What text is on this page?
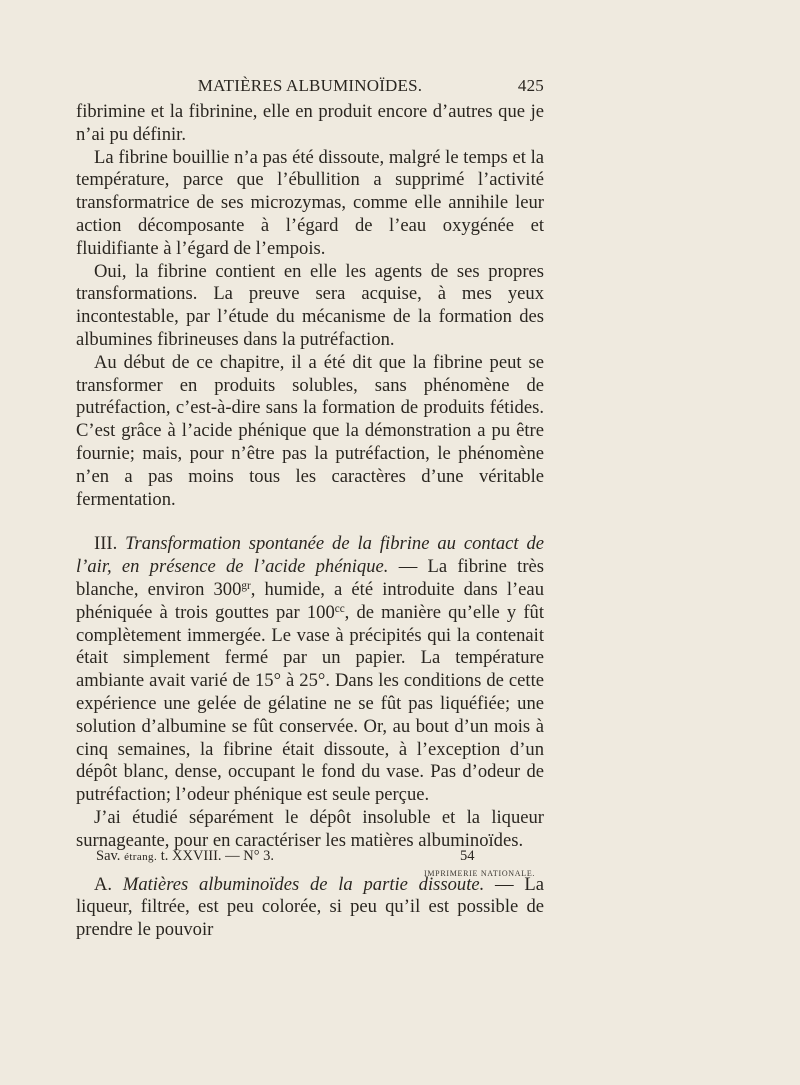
MATIÈRES ALBUMINOÏDES.	425

fibrimine et la fibrinine, elle en produit encore d’autres que je n’ai pu définir.

La fibrine bouillie n’a pas été dissoute, malgré le temps et la température, parce que l’ébullition a supprimé l’activité transformatrice de ses microzymas, comme elle annihile leur action décomposante à l’égard de l’eau oxygénée et fluidifiante à l’égard de l’empois.

Oui, la fibrine contient en elle les agents de ses propres transformations. La preuve sera acquise, à mes yeux incontestable, par l’étude du mécanisme de la formation des albumines fibrineuses dans la putréfaction.

Au début de ce chapitre, il a été dit que la fibrine peut se transformer en produits solubles, sans phénomène de putréfaction, c’est-à-dire sans la formation de produits fétides. C’est grâce à l’acide phénique que la démonstration a pu être fournie; mais, pour n’être pas la putréfaction, le phénomène n’en a pas moins tous les caractères d’une véritable fermentation.

III. Transformation spontanée de la fibrine au contact de l’air, en présence de l’acide phénique. — La fibrine très blanche, environ $300^{gr}$, humide, a été introduite dans l’eau phéniquée à trois gouttes par $100^{cc}$, de manière qu’elle y fût complètement immergée. Le vase à précipités qui la contenait était simplement fermé par un papier. La température ambiante avait varié de 15° à 25°. Dans les conditions de cette expérience une gelée de gélatine ne se fût pas liquéfiée; une solution d’albumine se fût conservée. Or, au bout d’un mois à cinq semaines, la fibrine était dissoute, à l’exception d’un dépôt blanc, dense, occupant le fond du vase. Pas d’odeur de putréfaction; l’odeur phénique est seule perçue.

J’ai étudié séparément le dépôt insoluble et la liqueur surnageante, pour en caractériser les matières albuminoïdes.

A. Matières albuminoïdes de la partie dissoute. — La liqueur, filtrée, est peu colorée, si peu qu’il est possible de prendre le pouvoir

Sav. étrang. t. XXVIII. — N° 3.	54
IMPRIMERIE NATIONALE.
